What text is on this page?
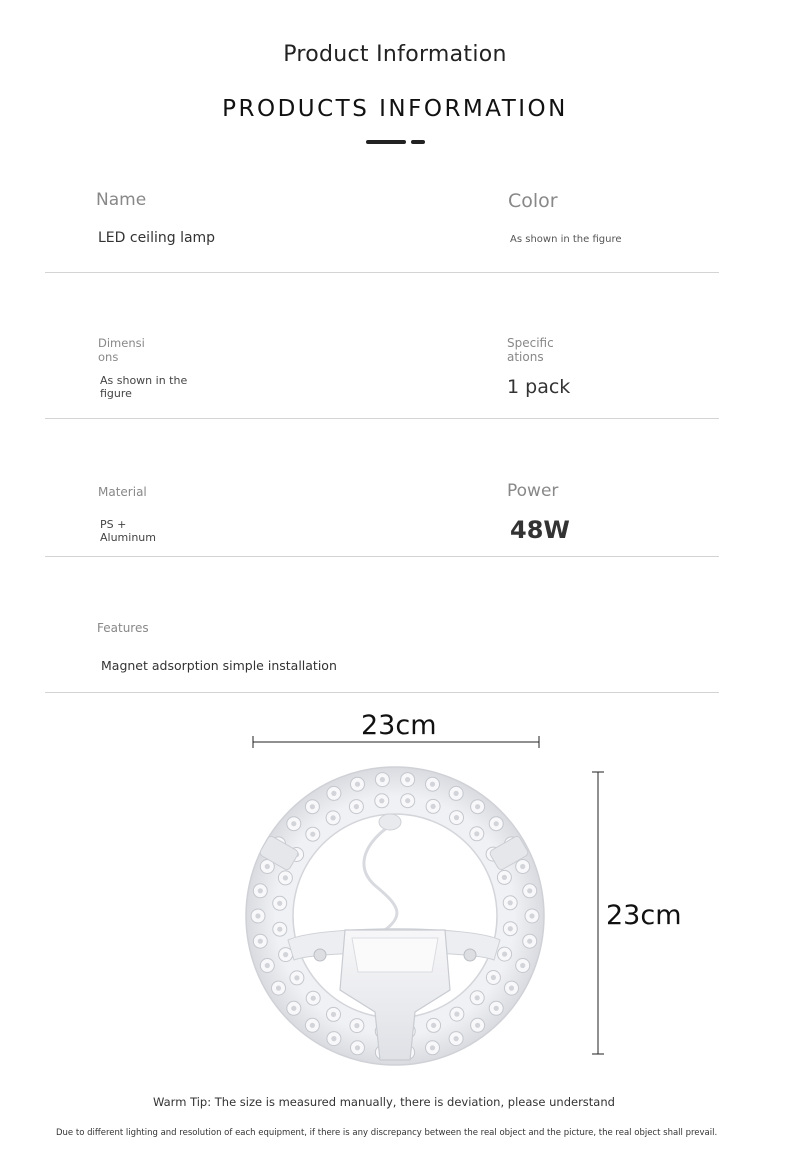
Product Information
PRODUCTS INFORMATION
Name
LED ceiling lamp
Color
As shown in the figure
Dimensi
ons
As shown in the
figure
Specific
ations
1 pack
Material
PS +
Aluminum
Power
48W
Features
Magnet adsorption simple installation
23cm
23cm
Warm Tip: The size is measured manually, there is deviation, please understand
Due to different lighting and resolution of each equipment, if there is any discrepancy between the real object and the picture, the real object shall prevail.
